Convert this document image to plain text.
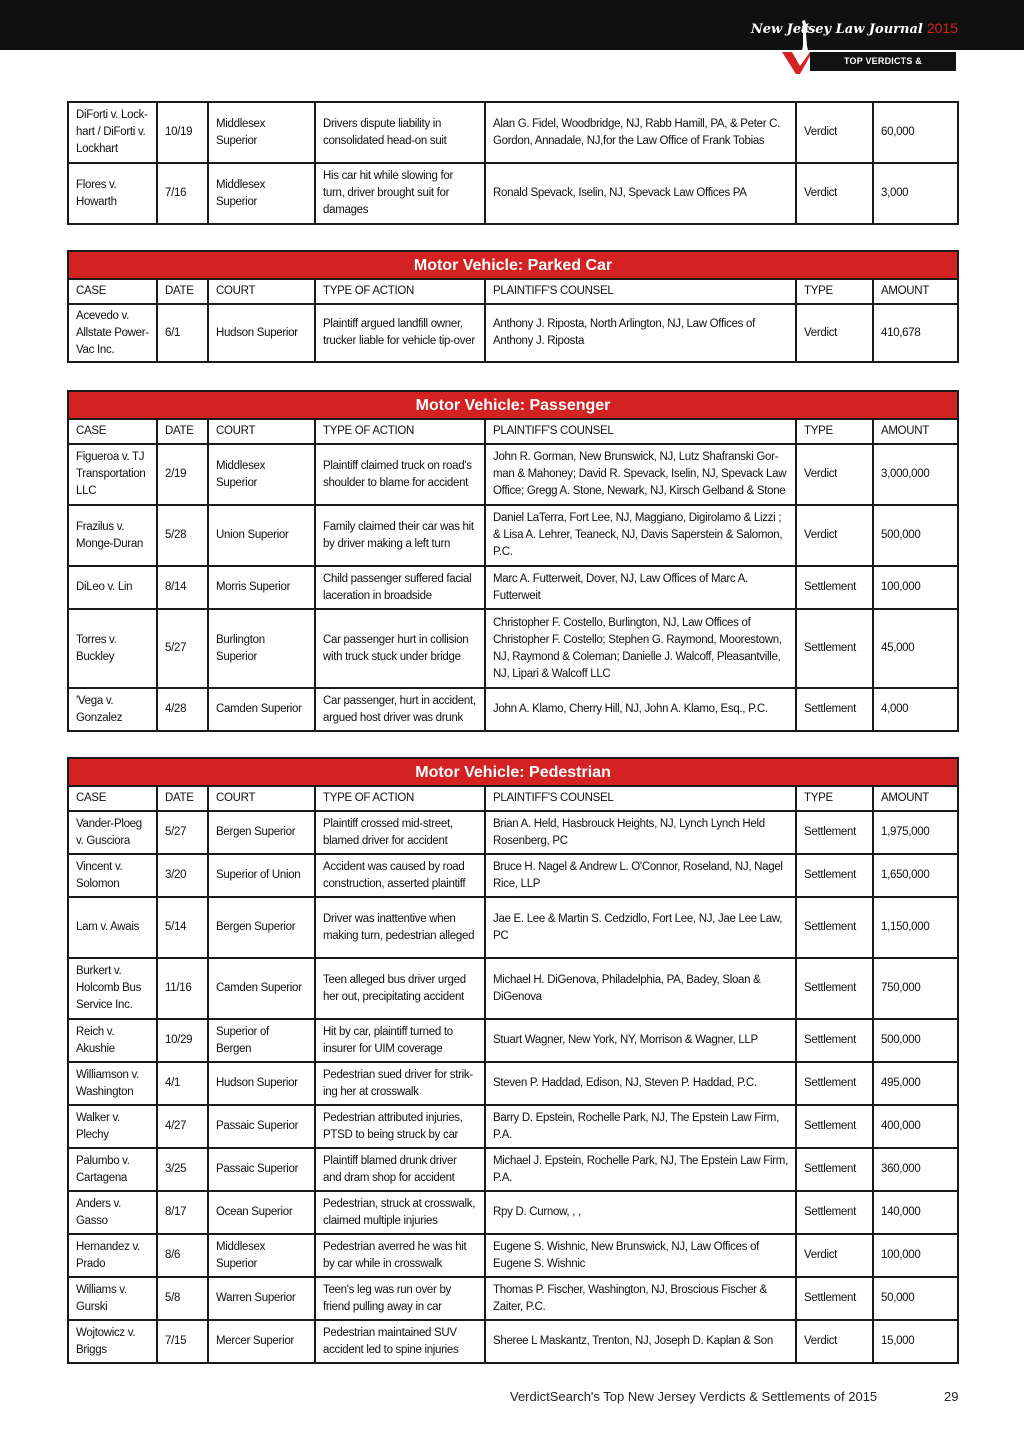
New Jersey Law Journal 2015
TOP VERDICTS & SETTLEMENTS NJ
DiForti v. Lock-hart / DiForti v. Lockhart	10/19	Middlesex Superior	Drivers dispute liability in consolidated head-on suit	Alan G. Fidel, Woodbridge, NJ, Rabb Hamill, PA, & Peter C. Gordon, Annadale, NJ,for the Law Office of Frank Tobias	Verdict	60,000
Flores v. Howarth	7/16	Middlesex Superior	His car hit while slowing for turn, driver brought suit for damages	Ronald Spevack, Iselin, NJ, Spevack Law Offices PA	Verdict	3,000
Motor Vehicle: Parked Car						
CASE	DATE	COURT	TYPE OF ACTION	PLAINTIFF'S COUNSEL	TYPE	AMOUNT
Acevedo v. Allstate Power-Vac Inc.	6/1	Hudson Superior	Plaintiff argued landfill owner, trucker liable for vehicle tip-over	Anthony J. Riposta, North Arlington, NJ, Law Offices of Anthony J. Riposta	Verdict	410,678
Motor Vehicle: Passenger						
CASE	DATE	COURT	TYPE OF ACTION	PLAINTIFF'S COUNSEL	TYPE	AMOUNT
Figueroa v. TJ Transportation LLC	2/19	Middlesex Superior	Plaintiff claimed truck on road's shoulder to blame for accident	John R. Gorman, New Brunswick, NJ, Lutz Shafranski Gor-man & Mahoney; David R. Spevack, Iselin, NJ, Spevack Law Office; Gregg A. Stone, Newark, NJ, Kirsch Gelband & Stone	Verdict	3,000,000
Frazilus v. Monge-Duran	5/28	Union Superior	Family claimed their car was hit by driver making a left turn	Daniel LaTerra, Fort Lee, NJ, Maggiano, Digirolamo & Lizzi ; & Lisa A. Lehrer, Teaneck, NJ, Davis Saperstein & Salomon, P.C.	Verdict	500,000
DiLeo v. Lin	8/14	Morris Superior	Child passenger suffered facial laceration in broadside	Marc A. Futterweit, Dover, NJ, Law Offices of Marc A. Futterweit	Settlement	100,000
Torres v. Buckley	5/27	Burlington Superior	Car passenger hurt in collision with truck stuck under bridge	Christopher F. Costello, Burlington, NJ, Law Offices of Christopher F. Costello; Stephen G. Raymond, Moorestown, NJ, Raymond & Coleman; Danielle J. Walcoff, Pleasantville, NJ, Lipari & Walcoff LLC	Settlement	45,000
'Vega v. Gonzalez	4/28	Camden Superior	Car passenger, hurt in accident, argued host driver was drunk	John A. Klamo, Cherry Hill, NJ, John A. Klamo, Esq., P.C.	Settlement	4,000
Motor Vehicle: Pedestrian						
CASE	DATE	COURT	TYPE OF ACTION	PLAINTIFF'S COUNSEL	TYPE	AMOUNT
Vander-Ploeg v. Gusciora	5/27	Bergen Superior	Plaintiff crossed mid-street, blamed driver for accident	Brian A. Held, Hasbrouck Heights, NJ, Lynch Lynch Held Rosenberg, PC	Settlement	1,975,000
Vincent v. Solomon	3/20	Superior of Union	Accident was caused by road construction, asserted plaintiff	Bruce H. Nagel & Andrew L. O'Connor, Roseland, NJ, Nagel Rice, LLP	Settlement	1,650,000
Lam v. Awais	5/14	Bergen Superior	Driver was inattentive when making turn, pedestrian alleged	Jae E. Lee & Martin S. Cedzidlo, Fort Lee, NJ, Jae Lee Law, PC	Settlement	1,150,000
Burkert v. Holcomb Bus Service Inc.	11/16	Camden Superior	Teen alleged bus driver urged her out, precipitating accident	Michael H. DiGenova, Philadelphia, PA, Badey, Sloan & DiGenova	Settlement	750,000
Reich v. Akushie	10/29	Superior of Bergen	Hit by car, plaintiff turned to insurer for UIM coverage	Stuart Wagner, New York, NY, Morrison & Wagner, LLP	Settlement	500,000
Williamson v. Washington	4/1	Hudson Superior	Pedestrian sued driver for strik-ing her at crosswalk	Steven P. Haddad, Edison, NJ, Steven P. Haddad, P.C.	Settlement	495,000
Walker v. Plechy	4/27	Passaic Superior	Pedestrian attributed injuries, PTSD to being struck by car	Barry D. Epstein, Rochelle Park, NJ, The Epstein Law Firm, P.A.	Settlement	400,000
Palumbo v. Cartagena	3/25	Passaic Superior	Plaintiff blamed drunk driver and dram shop for accident	Michael J. Epstein, Rochelle Park, NJ, The Epstein Law Firm, P.A.	Settlement	360,000
Anders v. Gasso	8/17	Ocean Superior	Pedestrian, struck at crosswalk, claimed multiple injuries	Rpy D. Curnow, , ,	Settlement	140,000
Hernandez v. Prado	8/6	Middlesex Superior	Pedestrian averred he was hit by car while in crosswalk	Eugene S. Wishnic, New Brunswick, NJ, Law Offices of Eugene S. Wishnic	Verdict	100,000
Williams v. Gurski	5/8	Warren Superior	Teen's leg was run over by friend pulling away in car	Thomas P. Fischer, Washington, NJ, Broscious Fischer & Zaiter, P.C.	Settlement	50,000
Wojtowicz v. Briggs	7/15	Mercer Superior	Pedestrian maintained SUV accident led to spine injuries	Sheree L Maskantz, Trenton, NJ, Joseph D. Kaplan & Son	Verdict	15,000
VerdictSearch's Top New Jersey Verdicts & Settlements of 2015	29
